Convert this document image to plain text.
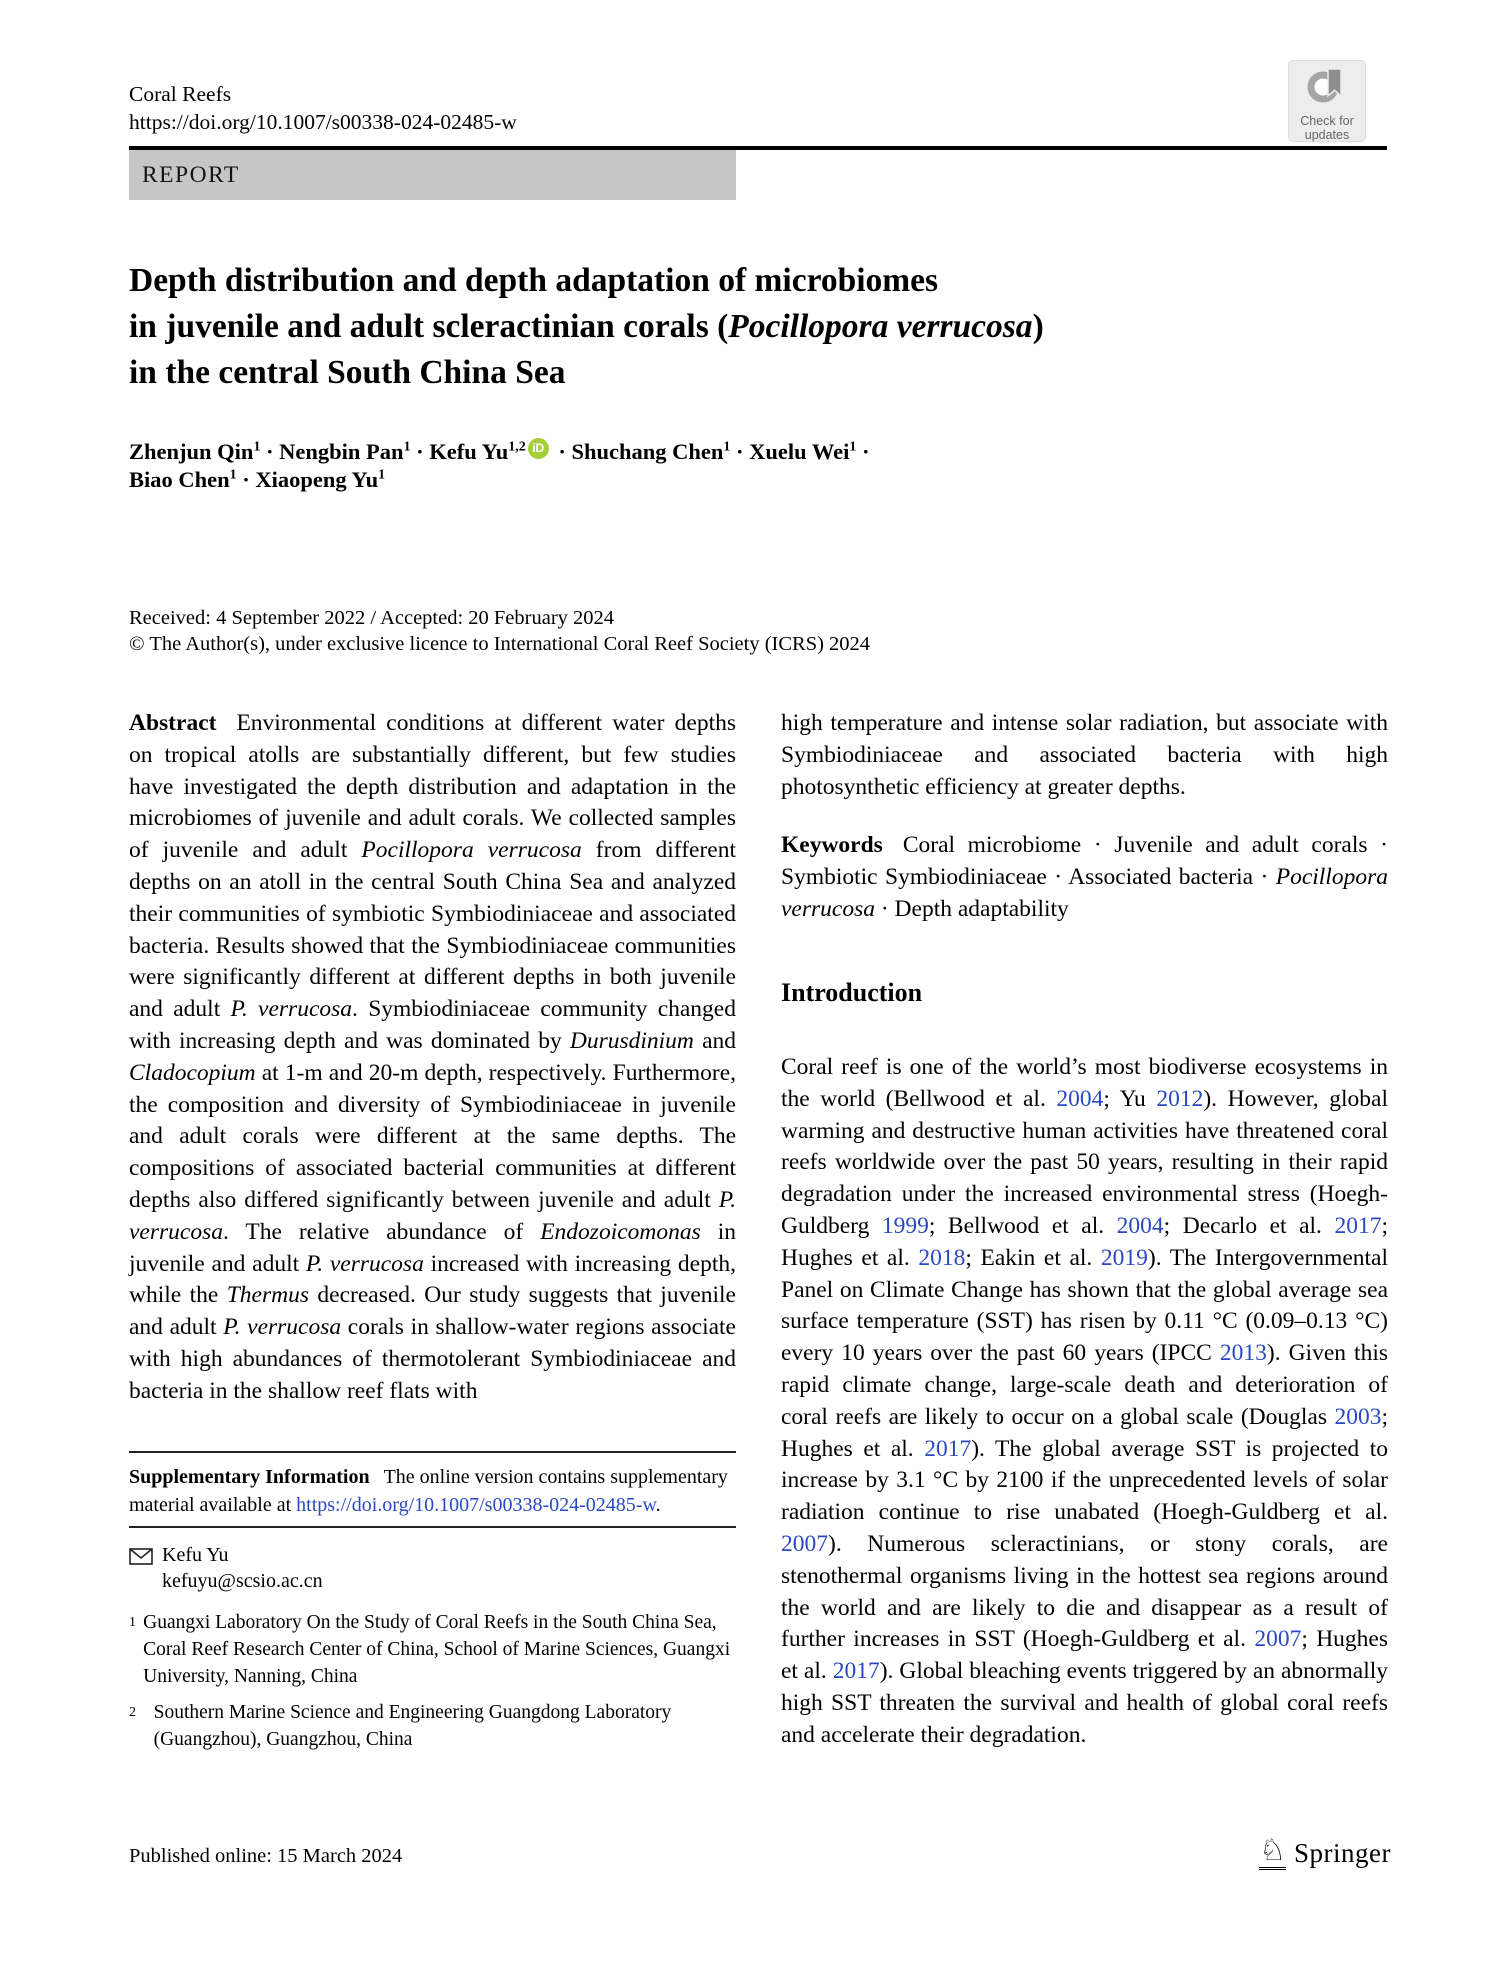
Coral Reefs
https://doi.org/10.1007/s00338-024-02485-w	Check for
updates
REPORT
Depth distribution and depth adaptation of microbiomes
in juvenile and adult scleractinian corals (Pocillopora verrucosa)
in the central South China Sea
Zhenjun Qin$^1$ · Nengbin Pan$^1$ · Kefu Yu$^{1,2}$ iD · Shuchang Chen$^1$ · Xuelu Wei$^1$ ·
Biao Chen$^1$ · Xiaopeng Yu$^1$
Received: 4 September 2022 / Accepted: 20 February 2024
© The Author(s), under exclusive licence to International Coral Reef Society (ICRS) 2024
Abstract Environmental conditions at different water depths on tropical atolls are substantially different, but few studies have investigated the depth distribution and adaptation in the microbiomes of juvenile and adult corals. We collected samples of juvenile and adult Pocillopora verrucosa from different depths on an atoll in the central South China Sea and analyzed their communities of symbiotic Symbiodiniaceae and associated bacteria. Results showed that the Symbiodiniaceae communities were significantly different at different depths in both juvenile and adult P. verrucosa. Symbiodiniaceae community changed with increasing depth and was dominated by Durusdinium and Cladocopium at 1-m and 20-m depth, respectively. Furthermore, the composition and diversity of Symbiodiniaceae in juvenile and adult corals were different at the same depths. The compositions of associated bacterial communities at different depths also differed significantly between juvenile and adult P. verrucosa. The relative abundance of Endozoicomonas in juvenile and adult P. verrucosa increased with increasing depth, while the Thermus decreased. Our study suggests that juvenile and adult P. verrucosa corals in shallow-water regions associate with high abundances of thermotolerant Symbiodiniaceae and bacteria in the shallow reef flats with
high temperature and intense solar radiation, but associate with Symbiodiniaceae and associated bacteria with high photosynthetic efficiency at greater depths.
Keywords Coral microbiome · Juvenile and adult corals · Symbiotic Symbiodiniaceae · Associated bacteria · Pocillopora verrucosa · Depth adaptability
Introduction
Coral reef is one of the world’s most biodiverse ecosystems in the world (Bellwood et al. 2004; Yu 2012). However, global warming and destructive human activities have threatened coral reefs worldwide over the past 50 years, resulting in their rapid degradation under the increased environmental stress (Hoegh-Guldberg 1999; Bellwood et al. 2004; Decarlo et al. 2017; Hughes et al. 2018; Eakin et al. 2019). The Intergovernmental Panel on Climate Change has shown that the global average sea surface temperature (SST) has risen by 0.11 °C (0.09–0.13 °C) every 10 years over the past 60 years (IPCC 2013). Given this rapid climate change, large-scale death and deterioration of coral reefs are likely to occur on a global scale (Douglas 2003; Hughes et al. 2017). The global average SST is projected to increase by 3.1 °C by 2100 if the unprecedented levels of solar radiation continue to rise unabated (Hoegh-Guldberg et al. 2007). Numerous scleractinians, or stony corals, are stenothermal organisms living in the hottest sea regions around the world and are likely to die and disappear as a result of further increases in SST (Hoegh-Guldberg et al. 2007; Hughes et al. 2017). Global bleaching events triggered by an abnormally high SST threaten the survival and health of global coral reefs and accelerate their degradation.

Supplementary Information The online version contains supplementary material available at https://doi.org/10.1007/s00338-024-02485-w.

Kefu Yu
kefuyu@scsio.ac.cn
1 Guangxi Laboratory On the Study of Coral Reefs in the South China Sea, Coral Reef Research Center of China, School of Marine Sciences, Guangxi University, Nanning, China
2 Southern Marine Science and Engineering Guangdong Laboratory (Guangzhou), Guangzhou, China
Published online: 15 March 2024	♘ Springer
